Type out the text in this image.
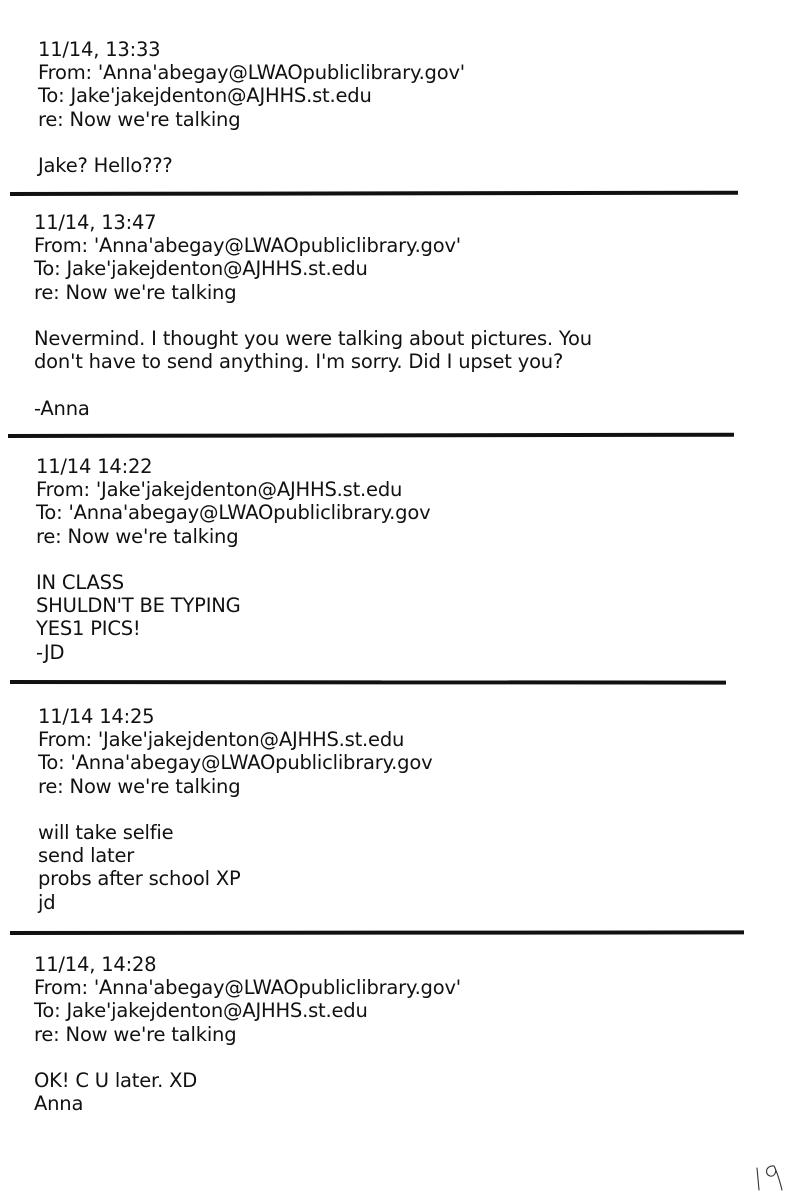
11/14, 13:33
From: 'Anna'abegay@LWAOpubliclibrary.gov'
To: Jake'jakejdenton@AJHHS.st.edu
re: Now we're talking
Jake? Hello???
11/14, 13:47
From: 'Anna'abegay@LWAOpubliclibrary.gov'
To: Jake'jakejdenton@AJHHS.st.edu
re: Now we're talking
Nevermind. I thought you were talking about pictures. You
don't have to send anything. I'm sorry. Did I upset you?
-Anna
11/14 14:22
From: 'Jake'jakejdenton@AJHHS.st.edu
To: 'Anna'abegay@LWAOpubliclibrary.gov
re: Now we're talking
IN CLASS
SHULDN'T BE TYPING
YES1 PICS!
-JD
11/14 14:25
From: 'Jake'jakejdenton@AJHHS.st.edu
To: 'Anna'abegay@LWAOpubliclibrary.gov
re: Now we're talking
will take selfie
send later
probs after school XP
jd
11/14, 14:28
From: 'Anna'abegay@LWAOpubliclibrary.gov'
To: Jake'jakejdenton@AJHHS.st.edu
re: Now we're talking
OK! C U later. XD
Anna
